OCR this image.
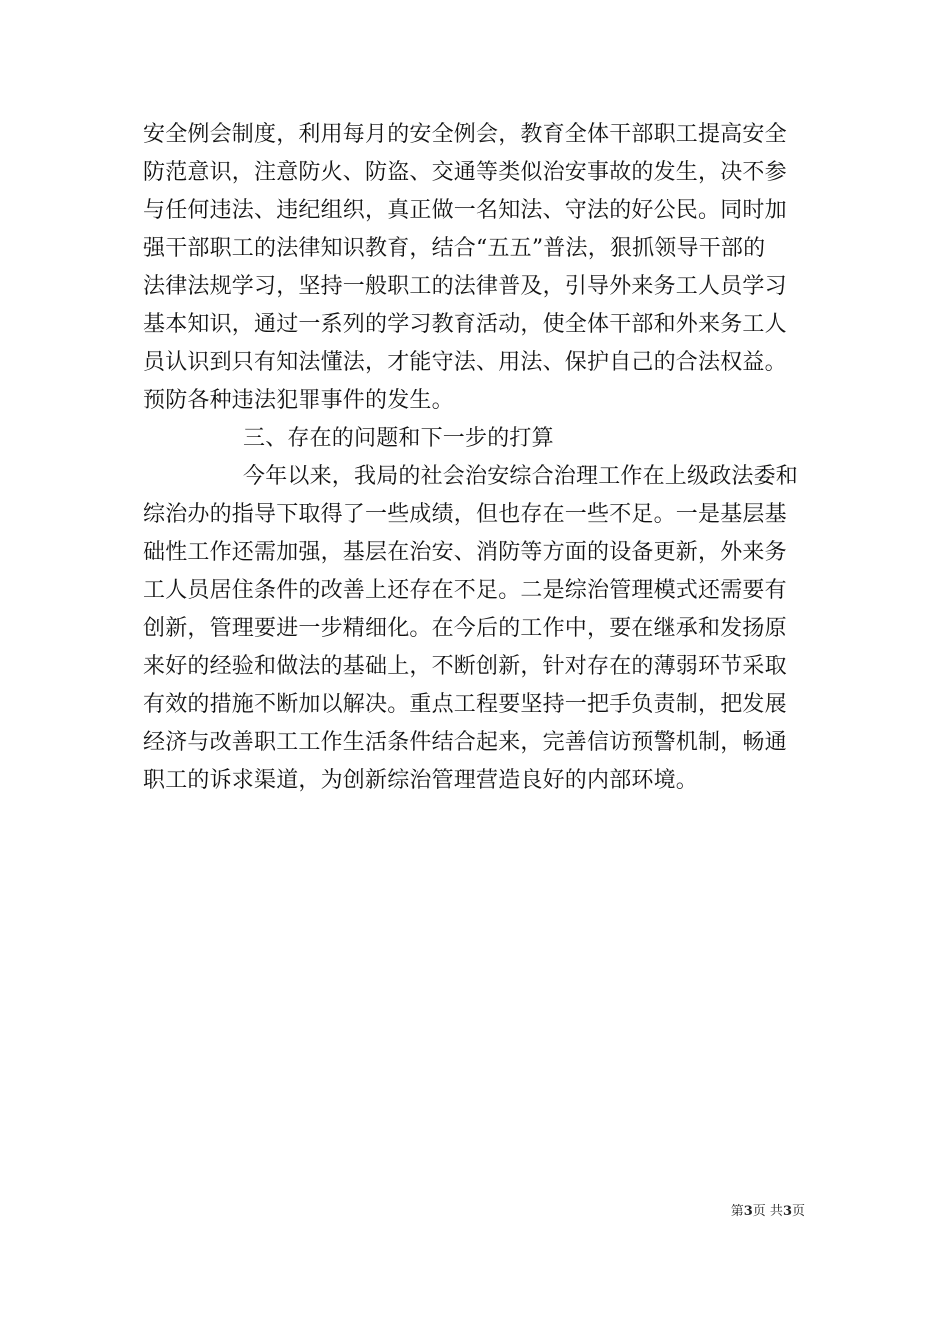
安全例会制度，利用每月的安全例会，教育全体干部职工提高安全
防范意识，注意防火、防盗、交通等类似治安事故的发生，决不参
与任何违法、违纪组织，真正做一名知法、守法的好公民。同时加
强干部职工的法律知识教育，结合“五五”普法，狠抓领导干部的
法律法规学习，坚持一般职工的法律普及，引导外来务工人员学习
基本知识，通过一系列的学习教育活动，使全体干部和外来务工人
员认识到只有知法懂法，才能守法、用法、保护自己的合法权益。
预防各种违法犯罪事件的发生。
三、存在的问题和下一步的打算
今年以来，我局的社会治安综合治理工作在上级政法委和
综治办的指导下取得了一些成绩，但也存在一些不足。一是基层基
础性工作还需加强，基层在治安、消防等方面的设备更新，外来务
工人员居住条件的改善上还存在不足。二是综治管理模式还需要有
创新，管理要进一步精细化。在今后的工作中，要在继承和发扬原
来好的经验和做法的基础上，不断创新，针对存在的薄弱环节采取
有效的措施不断加以解决。重点工程要坚持一把手负责制，把发展
经济与改善职工工作生活条件结合起来，完善信访预警机制，畅通
职工的诉求渠道，为创新综治管理营造良好的内部环境。
第3页 共3页
